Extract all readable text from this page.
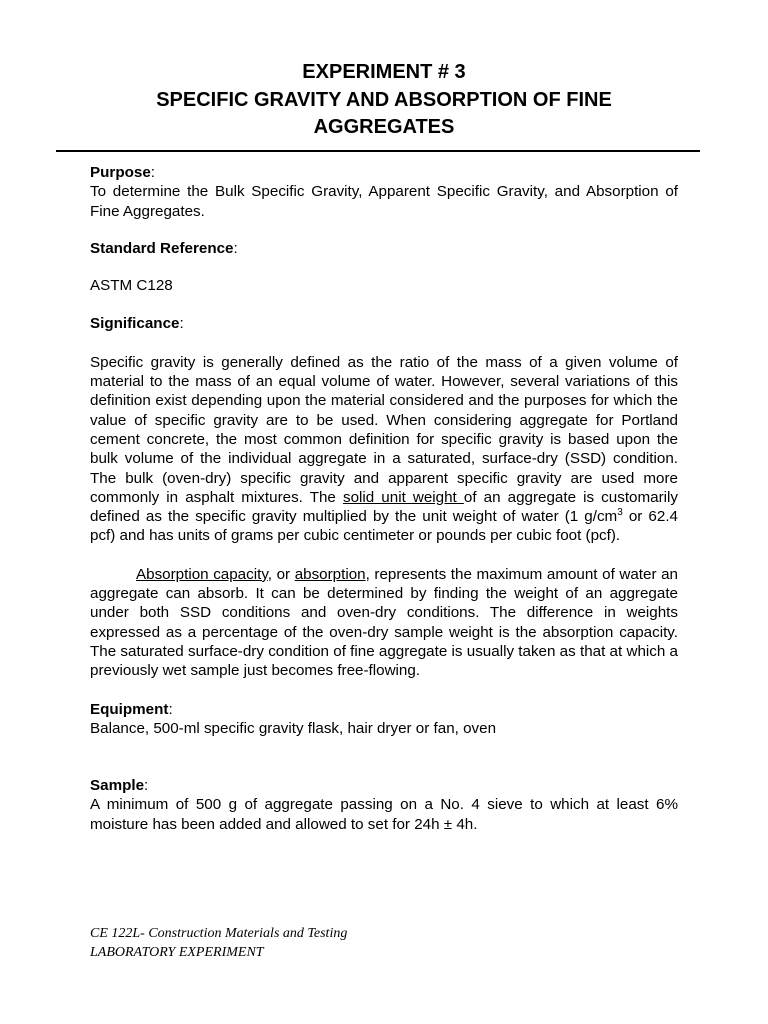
EXPERIMENT # 3
SPECIFIC GRAVITY AND ABSORPTION OF FINE
AGGREGATES

Purpose:

To determine the Bulk Specific Gravity, Apparent Specific Gravity, and Absorption of Fine Aggregates.

Standard Reference:

ASTM C128

Significance:

Specific gravity is generally defined as the ratio of the mass of a given volume of material to the mass of an equal volume of water. However, several variations of this definition exist depending upon the material considered and the purposes for which the value of specific gravity are to be used. When considering aggregate for Portland cement concrete, the most common definition for specific gravity is based upon the bulk volume of the individual aggregate in a saturated, surface-dry (SSD) condition. The bulk (oven-dry) specific gravity and apparent specific gravity are used more commonly in asphalt mixtures. The solid unit weight of an aggregate is customarily defined as the specific gravity multiplied by the unit weight of water (1 $g/cm^3$ or 62.4 pcf) and has units of grams per cubic centimeter or pounds per cubic foot (pcf).

Absorption capacity, or absorption, represents the maximum amount of water an aggregate can absorb. It can be determined by finding the weight of an aggregate under both SSD conditions and oven-dry conditions. The difference in weights expressed as a percentage of the oven-dry sample weight is the absorption capacity. The saturated surface-dry condition of fine aggregate is usually taken as that at which a previously wet sample just becomes free-flowing.

Equipment:

Balance, 500-ml specific gravity flask, hair dryer or fan, oven

Sample:

A minimum of 500 g of aggregate passing on a No. 4 sieve to which at least 6% moisture has been added and allowed to set for 24h ± 4h.

CE 122L- Construction Materials and Testing
LABORATORY EXPERIMENT
